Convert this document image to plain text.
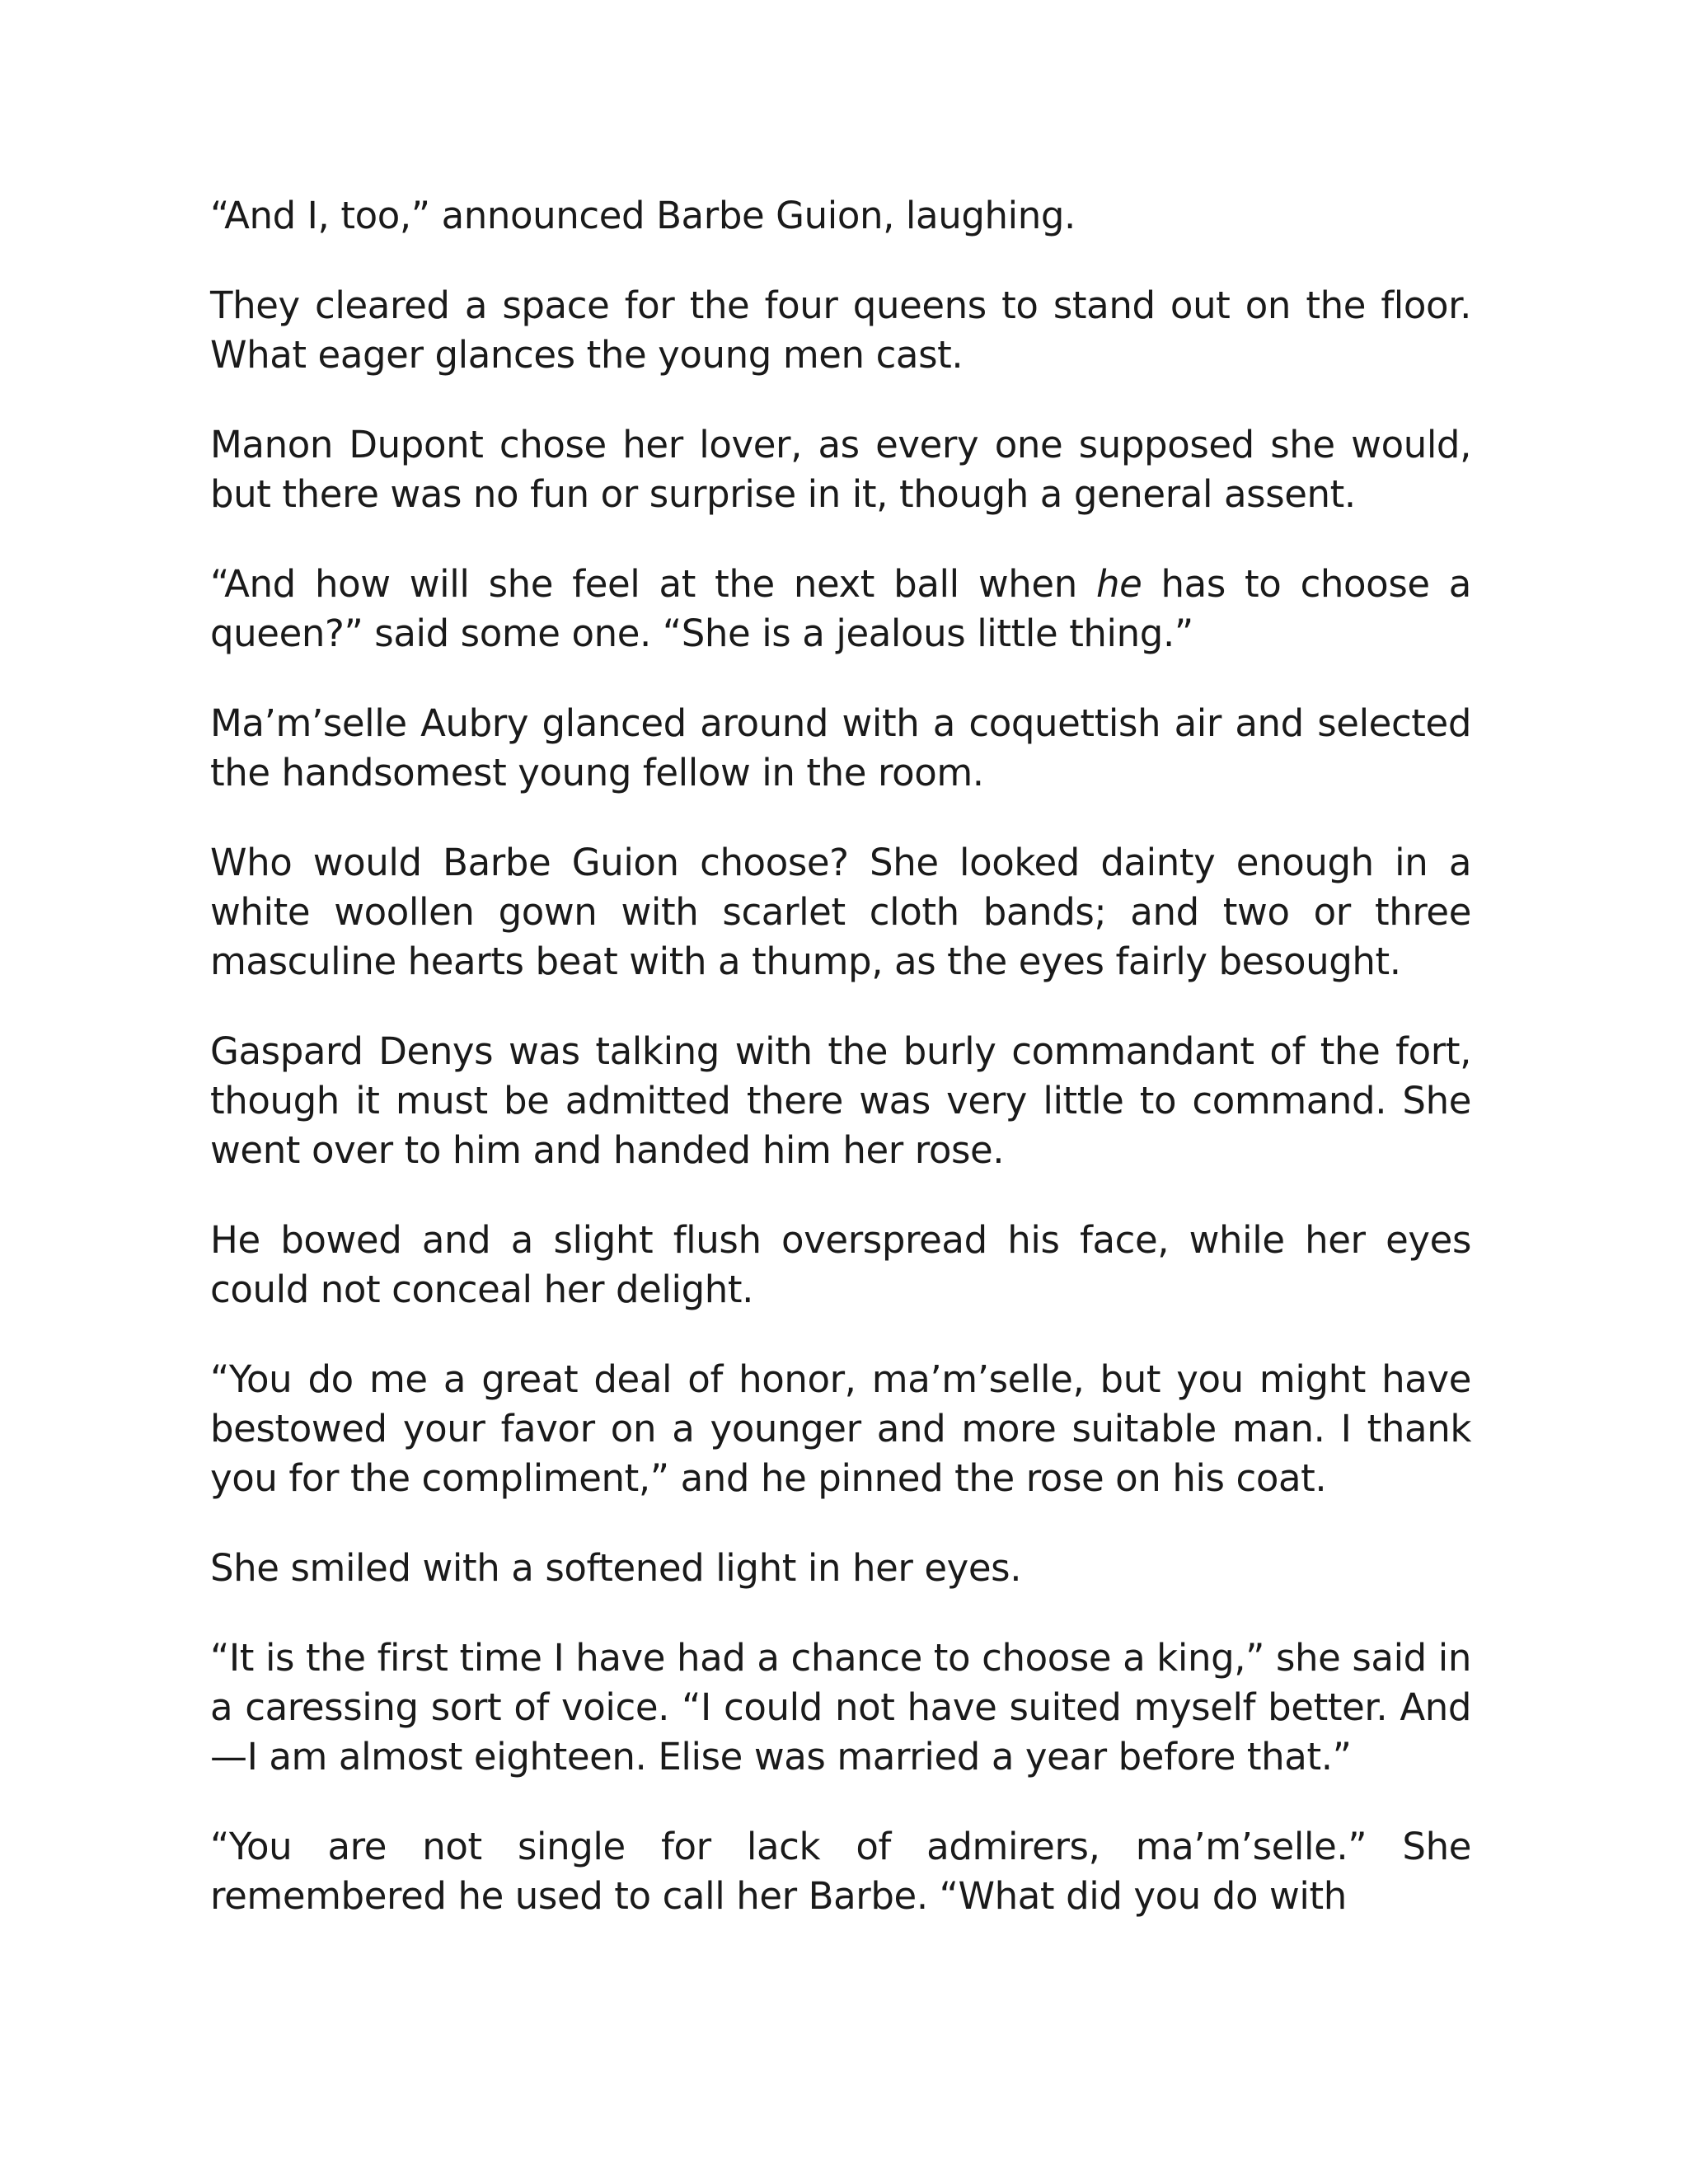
“And I, too,” announced Barbe Guion, laughing.

They cleared a space for the four queens to stand out on the floor. What eager glances the young men cast.

Manon Dupont chose her lover, as every one supposed she would, but there was no fun or surprise in it, though a general assent.

“And how will she feel at the next ball when he has to choose a queen?” said some one. “She is a jealous little thing.”

Ma’m’selle Aubry glanced around with a coquettish air and selected the handsomest young fellow in the room.

Who would Barbe Guion choose? She looked dainty enough in a white woollen gown with scarlet cloth bands; and two or three masculine hearts beat with a thump, as the eyes fairly besought.

Gaspard Denys was talking with the burly commandant of the fort, though it must be admitted there was very little to command. She went over to him and handed him her rose.

He bowed and a slight flush overspread his face, while her eyes could not conceal her delight.

“You do me a great deal of honor, ma’m’selle, but you might have bestowed your favor on a younger and more suitable man. I thank you for the compliment,” and he pinned the rose on his coat.

She smiled with a softened light in her eyes.

“It is the first time I have had a chance to choose a king,” she said in a caressing sort of voice. “I could not have suited myself better. And —I am almost eighteen. Elise was married a year before that.”

“You are not single for lack of admirers, ma’m’selle.” She remembered he used to call her Barbe. “What did you do with
